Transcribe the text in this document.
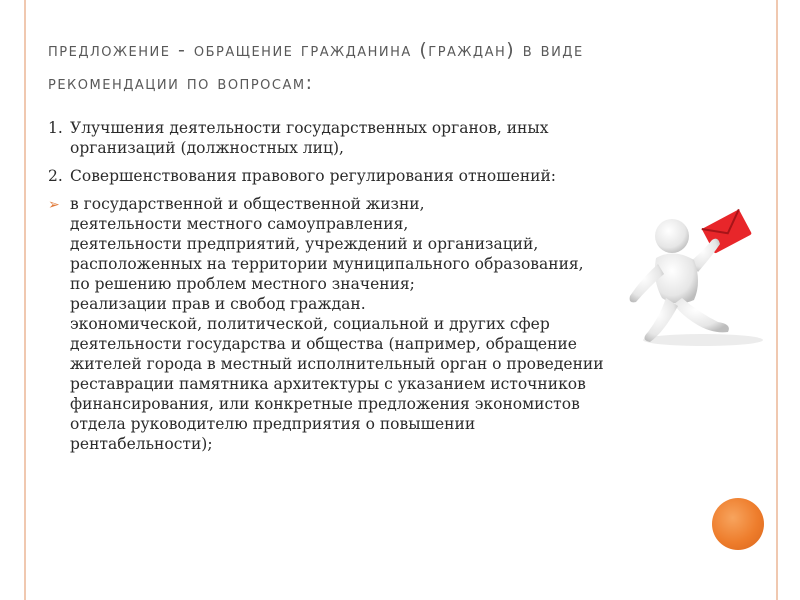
предложение - обращение гражданина (граждан) в виде
рекомендации по вопросам:
1. Улучшения деятельности государственных органов, иных
организаций (должностных лиц),
2. Совершенствования правового регулирования отношений:
➢ в государственной и общественной жизни,
деятельности местного самоуправления,
деятельности предприятий, учреждений и организаций,
расположенных на территории муниципального образования,
по решению проблем местного значения;
реализации прав и свобод граждан.
экономической, политической, социальной и других сфер
деятельности государства и общества (например, обращение
жителей города в местный исполнительный орган о проведении
реставрации памятника архитектуры с указанием источников
финансирования, или конкретные предложения экономистов
отдела руководителю предприятия о повышении
рентабельности);
